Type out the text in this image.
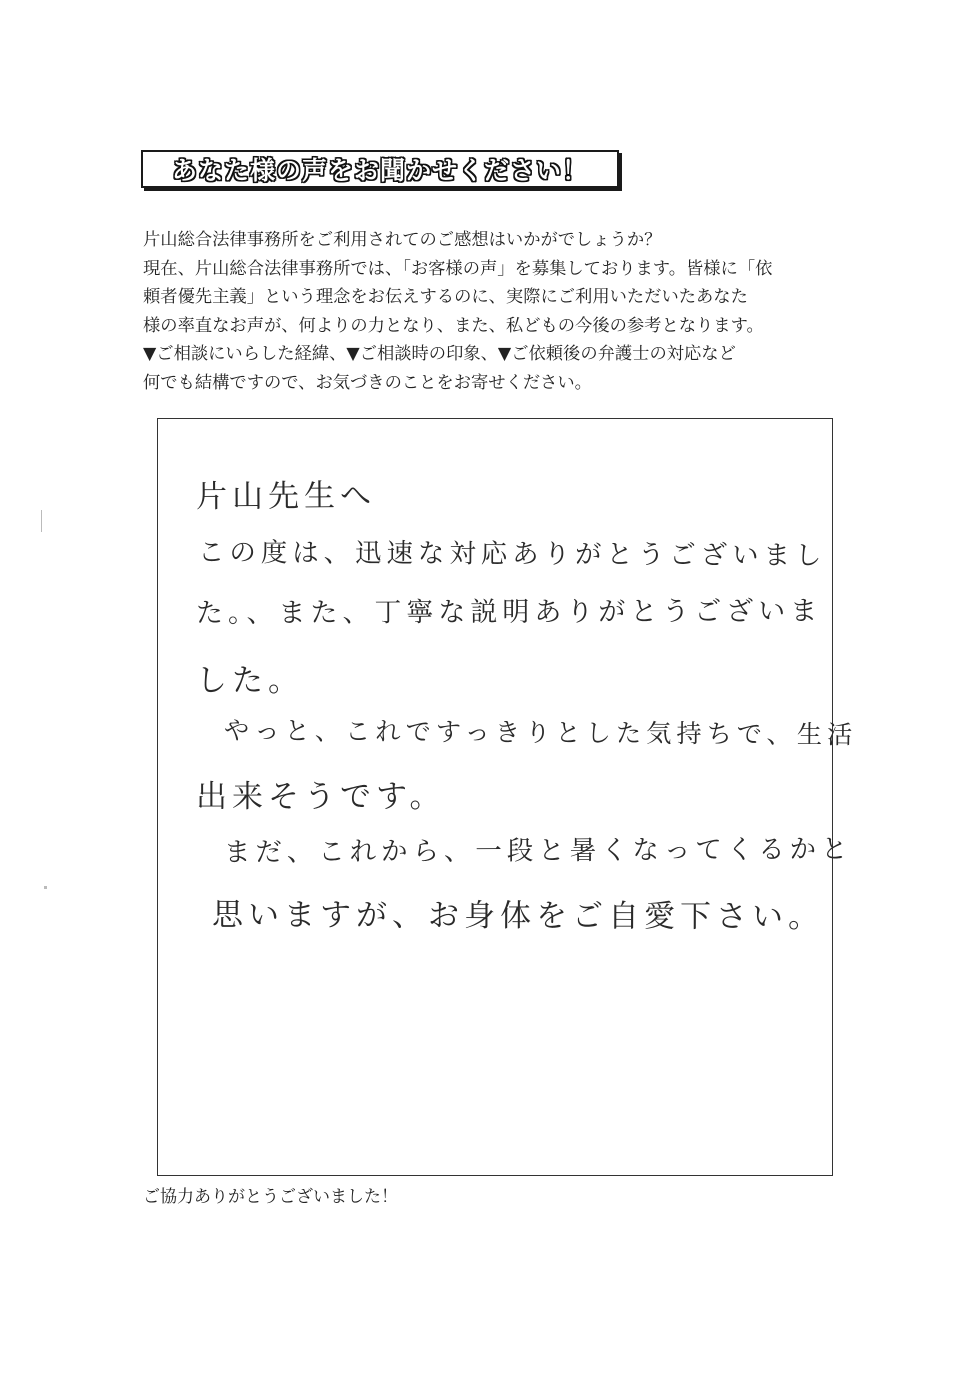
あなた様の声をお聞かせください！
片山総合法律事務所をご利用されてのご感想はいかがでしょうか？
現在、片山総合法律事務所では、「お客様の声」を募集しております。皆様に「依
頼者優先主義」という理念をお伝えするのに、実際にご利用いただいたあなた
様の率直なお声が、何よりの力となり、また、私どもの今後の参考となります。
▼ご相談にいらした経緯、▼ご相談時の印象、▼ご依頼後の弁護士の対応など
何でも結構ですので、お気づきのことをお寄せください。
片山先生へ
この度は、迅速な対応ありがとうございまし
た。、また、丁寧な説明ありがとうございま
した。
やっと、これですっきりとした気持ちで、生活
出来そうです。
まだ、これから、一段と暑くなってくるかと
思いますが、お身体をご自愛下さい。
ご協力ありがとうございました！
